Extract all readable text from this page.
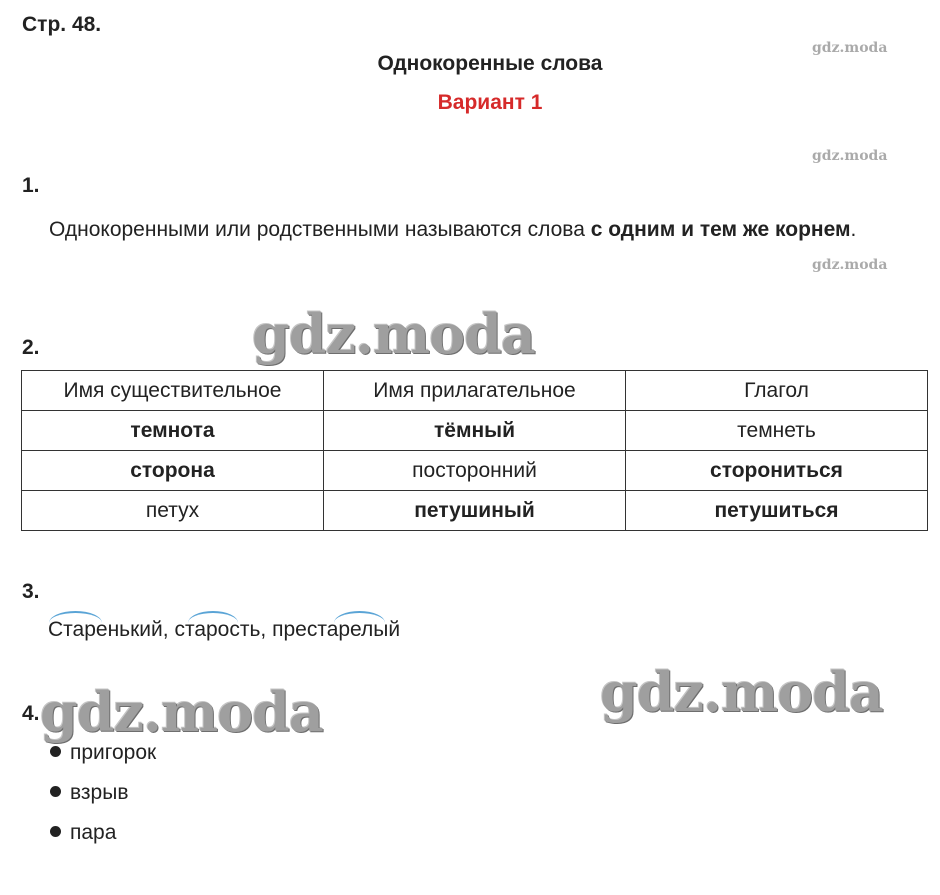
Стр. 48.
Однокоренные слова
Вариант 1
gdz.moda
gdz.moda
gdz.moda
1.
Однокоренными или родственными называются слова с одним и тем же корнем.
2.	gdz.moda
Имя существительное	Имя прилагательное	Глагол
темнота	тёмный	темнеть
сторона	посторонний	сторониться
петух	петушиный	петушиться
3.
Старенький, старость, престарелый
gdz.moda
4. gdz.moda
пригорок
взрыв
пара
